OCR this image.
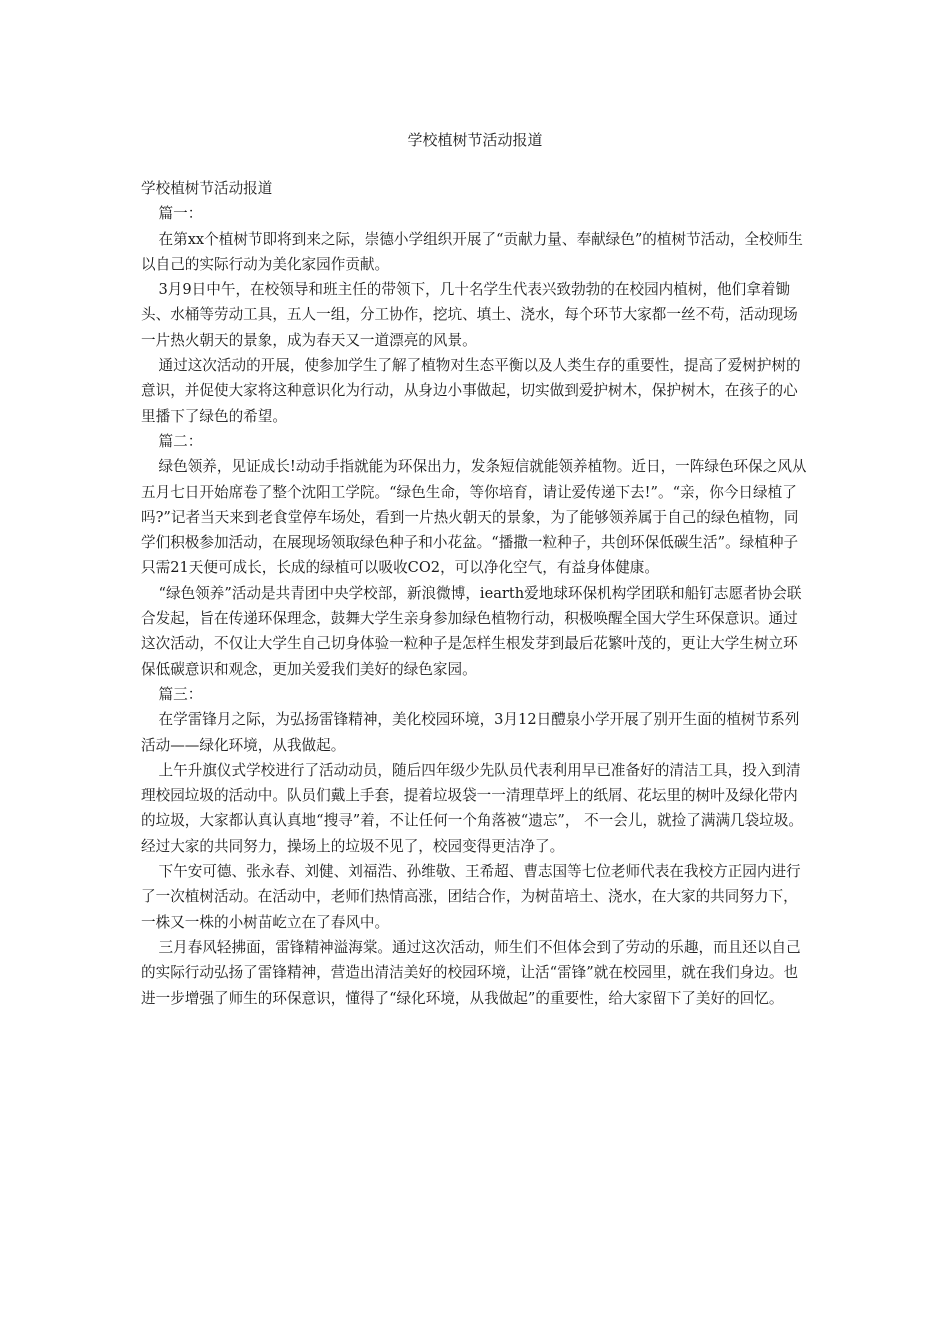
学校植树节活动报道

学校植树节活动报道

篇一：

在第xx个植树节即将到来之际，崇德小学组织开展了“贡献力量、奉献绿色”的植树节活动，全校师生以自己的实际行动为美化家园作贡献。

3月9日中午，在校领导和班主任的带领下，几十名学生代表兴致勃勃的在校园内植树，他们拿着锄头、水桶等劳动工具，五人一组，分工协作，挖坑、填土、浇水，每个环节大家都一丝不苟，活动现场一片热火朝天的景象，成为春天又一道漂亮的风景。

通过这次活动的开展，使参加学生了解了植物对生态平衡以及人类生存的重要性，提高了爱树护树的意识，并促使大家将这种意识化为行动，从身边小事做起，切实做到爱护树木，保护树木，在孩子的心里播下了绿色的希望。

篇二：

绿色领养，见证成长!动动手指就能为环保出力，发条短信就能领养植物。近日，一阵绿色环保之风从五月七日开始席卷了整个沈阳工学院。“绿色生命，等你培育，请让爱传递下去!”。“亲，你今日绿植了吗?”记者当天来到老食堂停车场处，看到一片热火朝天的景象，为了能够领养属于自己的绿色植物，同学们积极参加活动，在展现场领取绿色种子和小花盆。“播撒一粒种子，共创环保低碳生活”。绿植种子只需21天便可成长，长成的绿植可以吸收CO2，可以净化空气，有益身体健康。

“绿色领养”活动是共青团中央学校部，新浪微博，iearth爱地球环保机构学团联和船钉志愿者协会联合发起，旨在传递环保理念，鼓舞大学生亲身参加绿色植物行动，积极唤醒全国大学生环保意识。通过这次活动，不仅让大学生自己切身体验一粒种子是怎样生根发芽到最后花繁叶茂的，更让大学生树立环保低碳意识和观念，更加关爱我们美好的绿色家园。

篇三：

在学雷锋月之际，为弘扬雷锋精神，美化校园环境，3月12日醴泉小学开展了别开生面的植树节系列活动——绿化环境，从我做起。

上午升旗仪式学校进行了活动动员，随后四年级少先队员代表利用早已准备好的清洁工具，投入到清理校园垃圾的活动中。队员们戴上手套，提着垃圾袋一一清理草坪上的纸屑、花坛里的树叶及绿化带内的垃圾，大家都认真认真地“搜寻”着，不让任何一个角落被“遗忘”， 不一会儿，就捡了满满几袋垃圾。经过大家的共同努力，操场上的垃圾不见了，校园变得更洁净了。

下午安可德、张永春、刘健、刘福浩、孙维敬、王希超、曹志国等七位老师代表在我校方正园内进行了一次植树活动。在活动中，老师们热情高涨，团结合作，为树苗培土、浇水，在大家的共同努力下，一株又一株的小树苗屹立在了春风中。

三月春风轻拂面，雷锋精神溢海棠。通过这次活动，师生们不但体会到了劳动的乐趣，而且还以自己的实际行动弘扬了雷锋精神，营造出清洁美好的校园环境，让活“雷锋”就在校园里，就在我们身边。也进一步增强了师生的环保意识，懂得了“绿化环境，从我做起”的重要性，给大家留下了美好的回忆。
